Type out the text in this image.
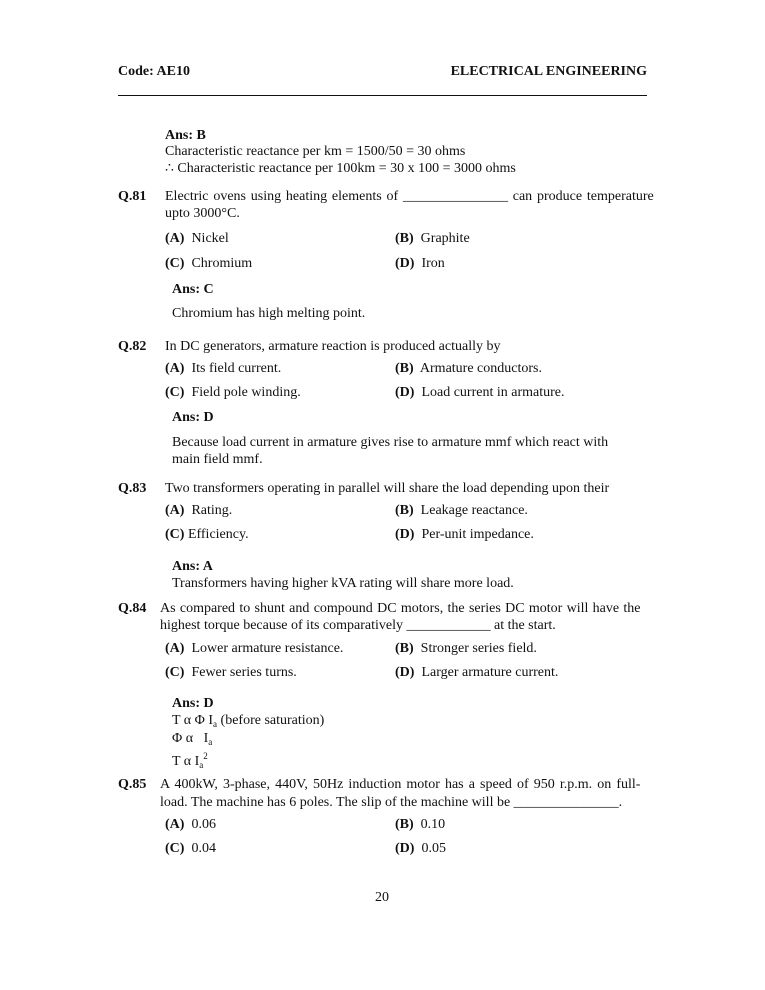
Code: AE10	ELECTRICAL ENGINEERING
Ans: B
Characteristic reactance per km = 1500/50 = 30 ohms
∴ Characteristic reactance per 100km = 30 x 100 = 3000 ohms
Q.81 Electric ovens using heating elements of _______________ can produce temperature
upto 3000°C.
(A) Nickel	(B) Graphite
(C) Chromium	(D) Iron
Ans: C
Chromium has high melting point.
Q.82 In DC generators, armature reaction is produced actually by
(A) Its field current.	(B) Armature conductors.
(C) Field pole winding.	(D) Load current in armature.
Ans: D
Because load current in armature gives rise to armature mmf which react with
main field mmf.
Q.83 Two transformers operating in parallel will share the load depending upon their
(A) Rating.	(B) Leakage reactance.
(C) Efficiency.	(D) Per-unit impedance.
Ans: A
Transformers having higher kVA rating will share more load.
Q.84 As compared to shunt and compound DC motors, the series DC motor will have the
highest torque because of its comparatively ____________ at the start.
(A) Lower armature resistance.	(B) Stronger series field.
(C) Fewer series turns.	(D) Larger armature current.
Ans: D
T α Φ $I_a$ (before saturation)
Φ α   $I_a$
T α $I_a^2$
Q.85 A 400kW, 3-phase, 440V, 50Hz induction motor has a speed of 950 r.p.m. on full-
load. The machine has 6 poles. The slip of the machine will be _______________.
(A) 0.06	(B) 0.10
(C) 0.04	(D) 0.05
20
